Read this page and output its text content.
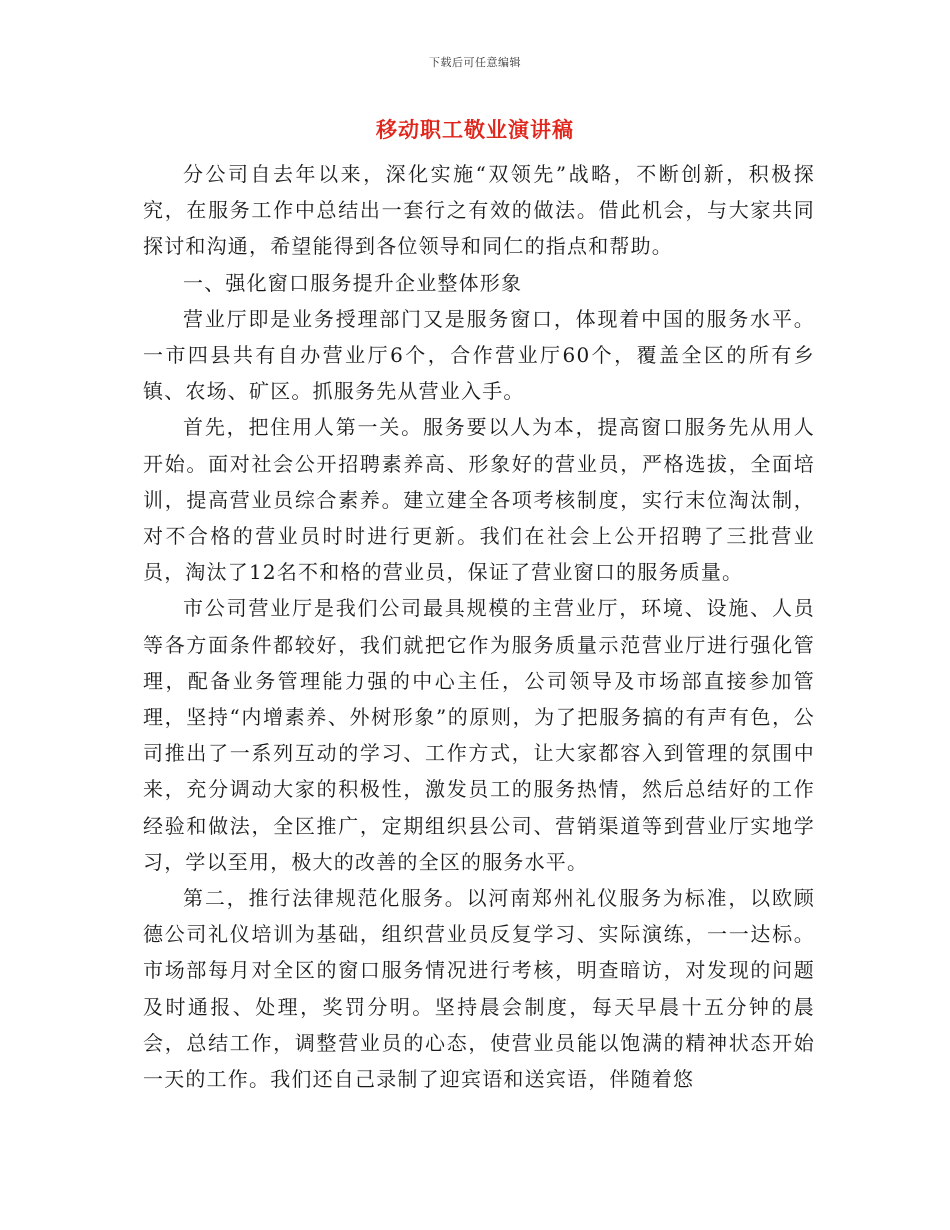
下载后可任意编辑
移动职工敬业演讲稿

分公司自去年以来，深化实施“双领先”战略，不断创新，积极探究，在服务工作中总结出一套行之有效的做法。借此机会，与大家共同探讨和沟通，希望能得到各位领导和同仁的指点和帮助。

一、强化窗口服务提升企业整体形象

营业厅即是业务授理部门又是服务窗口，体现着中国的服务水平。一市四县共有自办营业厅6个，合作营业厅60个，覆盖全区的所有乡镇、农场、矿区。抓服务先从营业入手。

首先，把住用人第一关。服务要以人为本，提高窗口服务先从用人开始。面对社会公开招聘素养高、形象好的营业员，严格选拔，全面培训，提高营业员综合素养。建立建全各项考核制度，实行末位淘汰制，对不合格的营业员时时进行更新。我们在社会上公开招聘了三批营业员，淘汰了12名不和格的营业员，保证了营业窗口的服务质量。

市公司营业厅是我们公司最具规模的主营业厅，环境、设施、人员等各方面条件都较好，我们就把它作为服务质量示范营业厅进行强化管理，配备业务管理能力强的中心主任，公司领导及市场部直接参加管理，坚持“内增素养、外树形象”的原则，为了把服务搞的有声有色，公司推出了一系列互动的学习、工作方式，让大家都容入到管理的氛围中来，充分调动大家的积极性，激发员工的服务热情，然后总结好的工作经验和做法，全区推广，定期组织县公司、营销渠道等到营业厅实地学习，学以至用，极大的改善的全区的服务水平。

第二，推行法律规范化服务。以河南郑州礼仪服务为标准，以欧顾德公司礼仪培训为基础，组织营业员反复学习、实际演练，一一达标。市场部每月对全区的窗口服务情况进行考核，明查暗访，对发现的问题及时通报、处理，奖罚分明。坚持晨会制度，每天早晨十五分钟的晨会，总结工作，调整营业员的心态，使营业员能以饱满的精神状态开始一天的工作。我们还自己录制了迎宾语和送宾语，伴随着悠
